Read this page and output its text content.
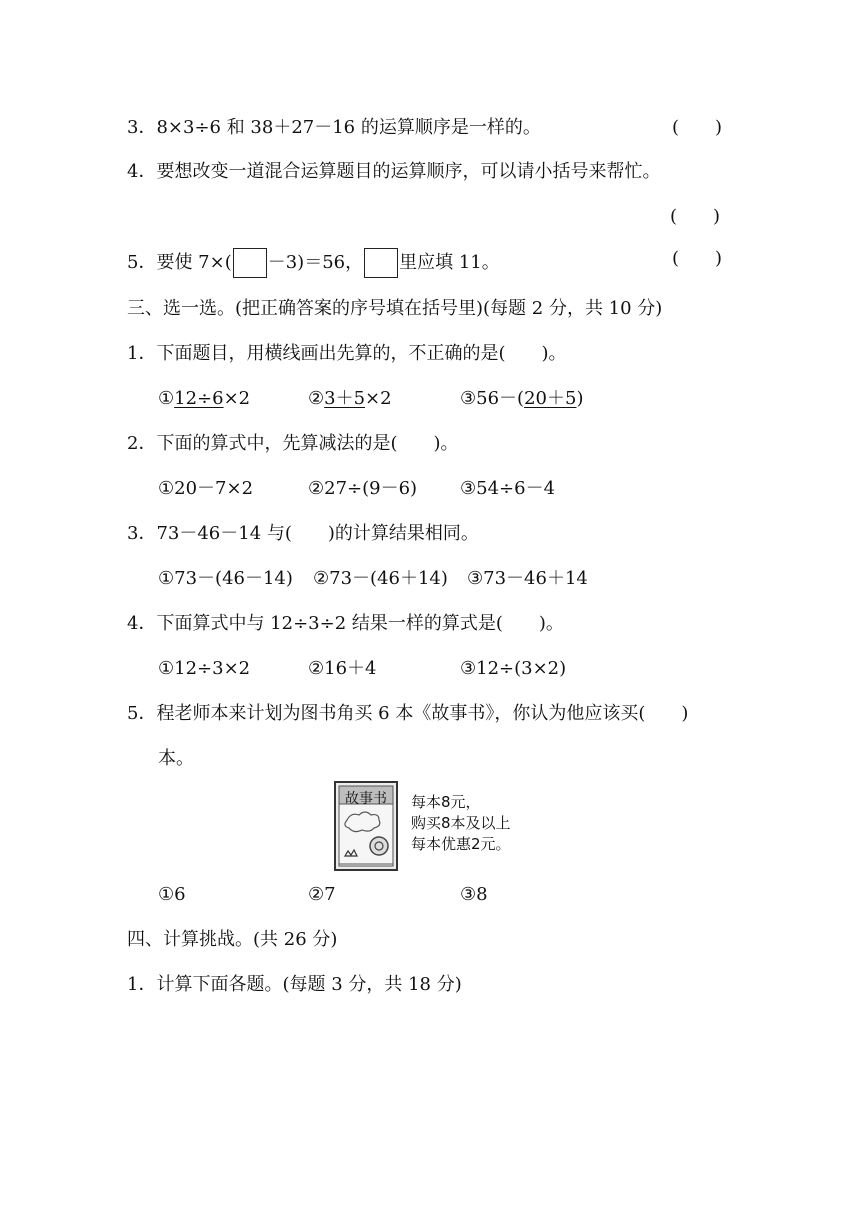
3．8×3÷6 和 38＋27－16 的运算顺序是一样的。	(　　)
4．要想改变一道混合运算题目的运算顺序，可以请小括号来帮忙。
(　　)
5．要使 7×( －3)＝56， 里应填 11。	(　　)
三、选一选。(把正确答案的序号填在括号里)(每题 2 分，共 10 分)
1．下面题目，用横线画出先算的，不正确的是(　　)。
①12÷6×2	②3＋5×2	③56－(20＋5)
2．下面的算式中，先算减法的是(　　)。
①20－7×2	②27÷(9－6) ③54÷6－4
3．73－46－14 与(　　)的计算结果相同。
①73－(46－14) ②73－(46＋14) ③73－46＋14
4．下面算式中与 12÷3÷2 结果一样的算式是(　　)。
①12÷3×2	②16＋4	③12÷(3×2)
5．程老师本来计划为图书角买 6 本《故事书》，你认为他应该买(　　)
本。
故事书 每本8元，
购买8本及以上
每本优惠2元。
①6	②7	③8
四、计算挑战。(共 26 分)
1．计算下面各题。(每题 3 分，共 18 分)
